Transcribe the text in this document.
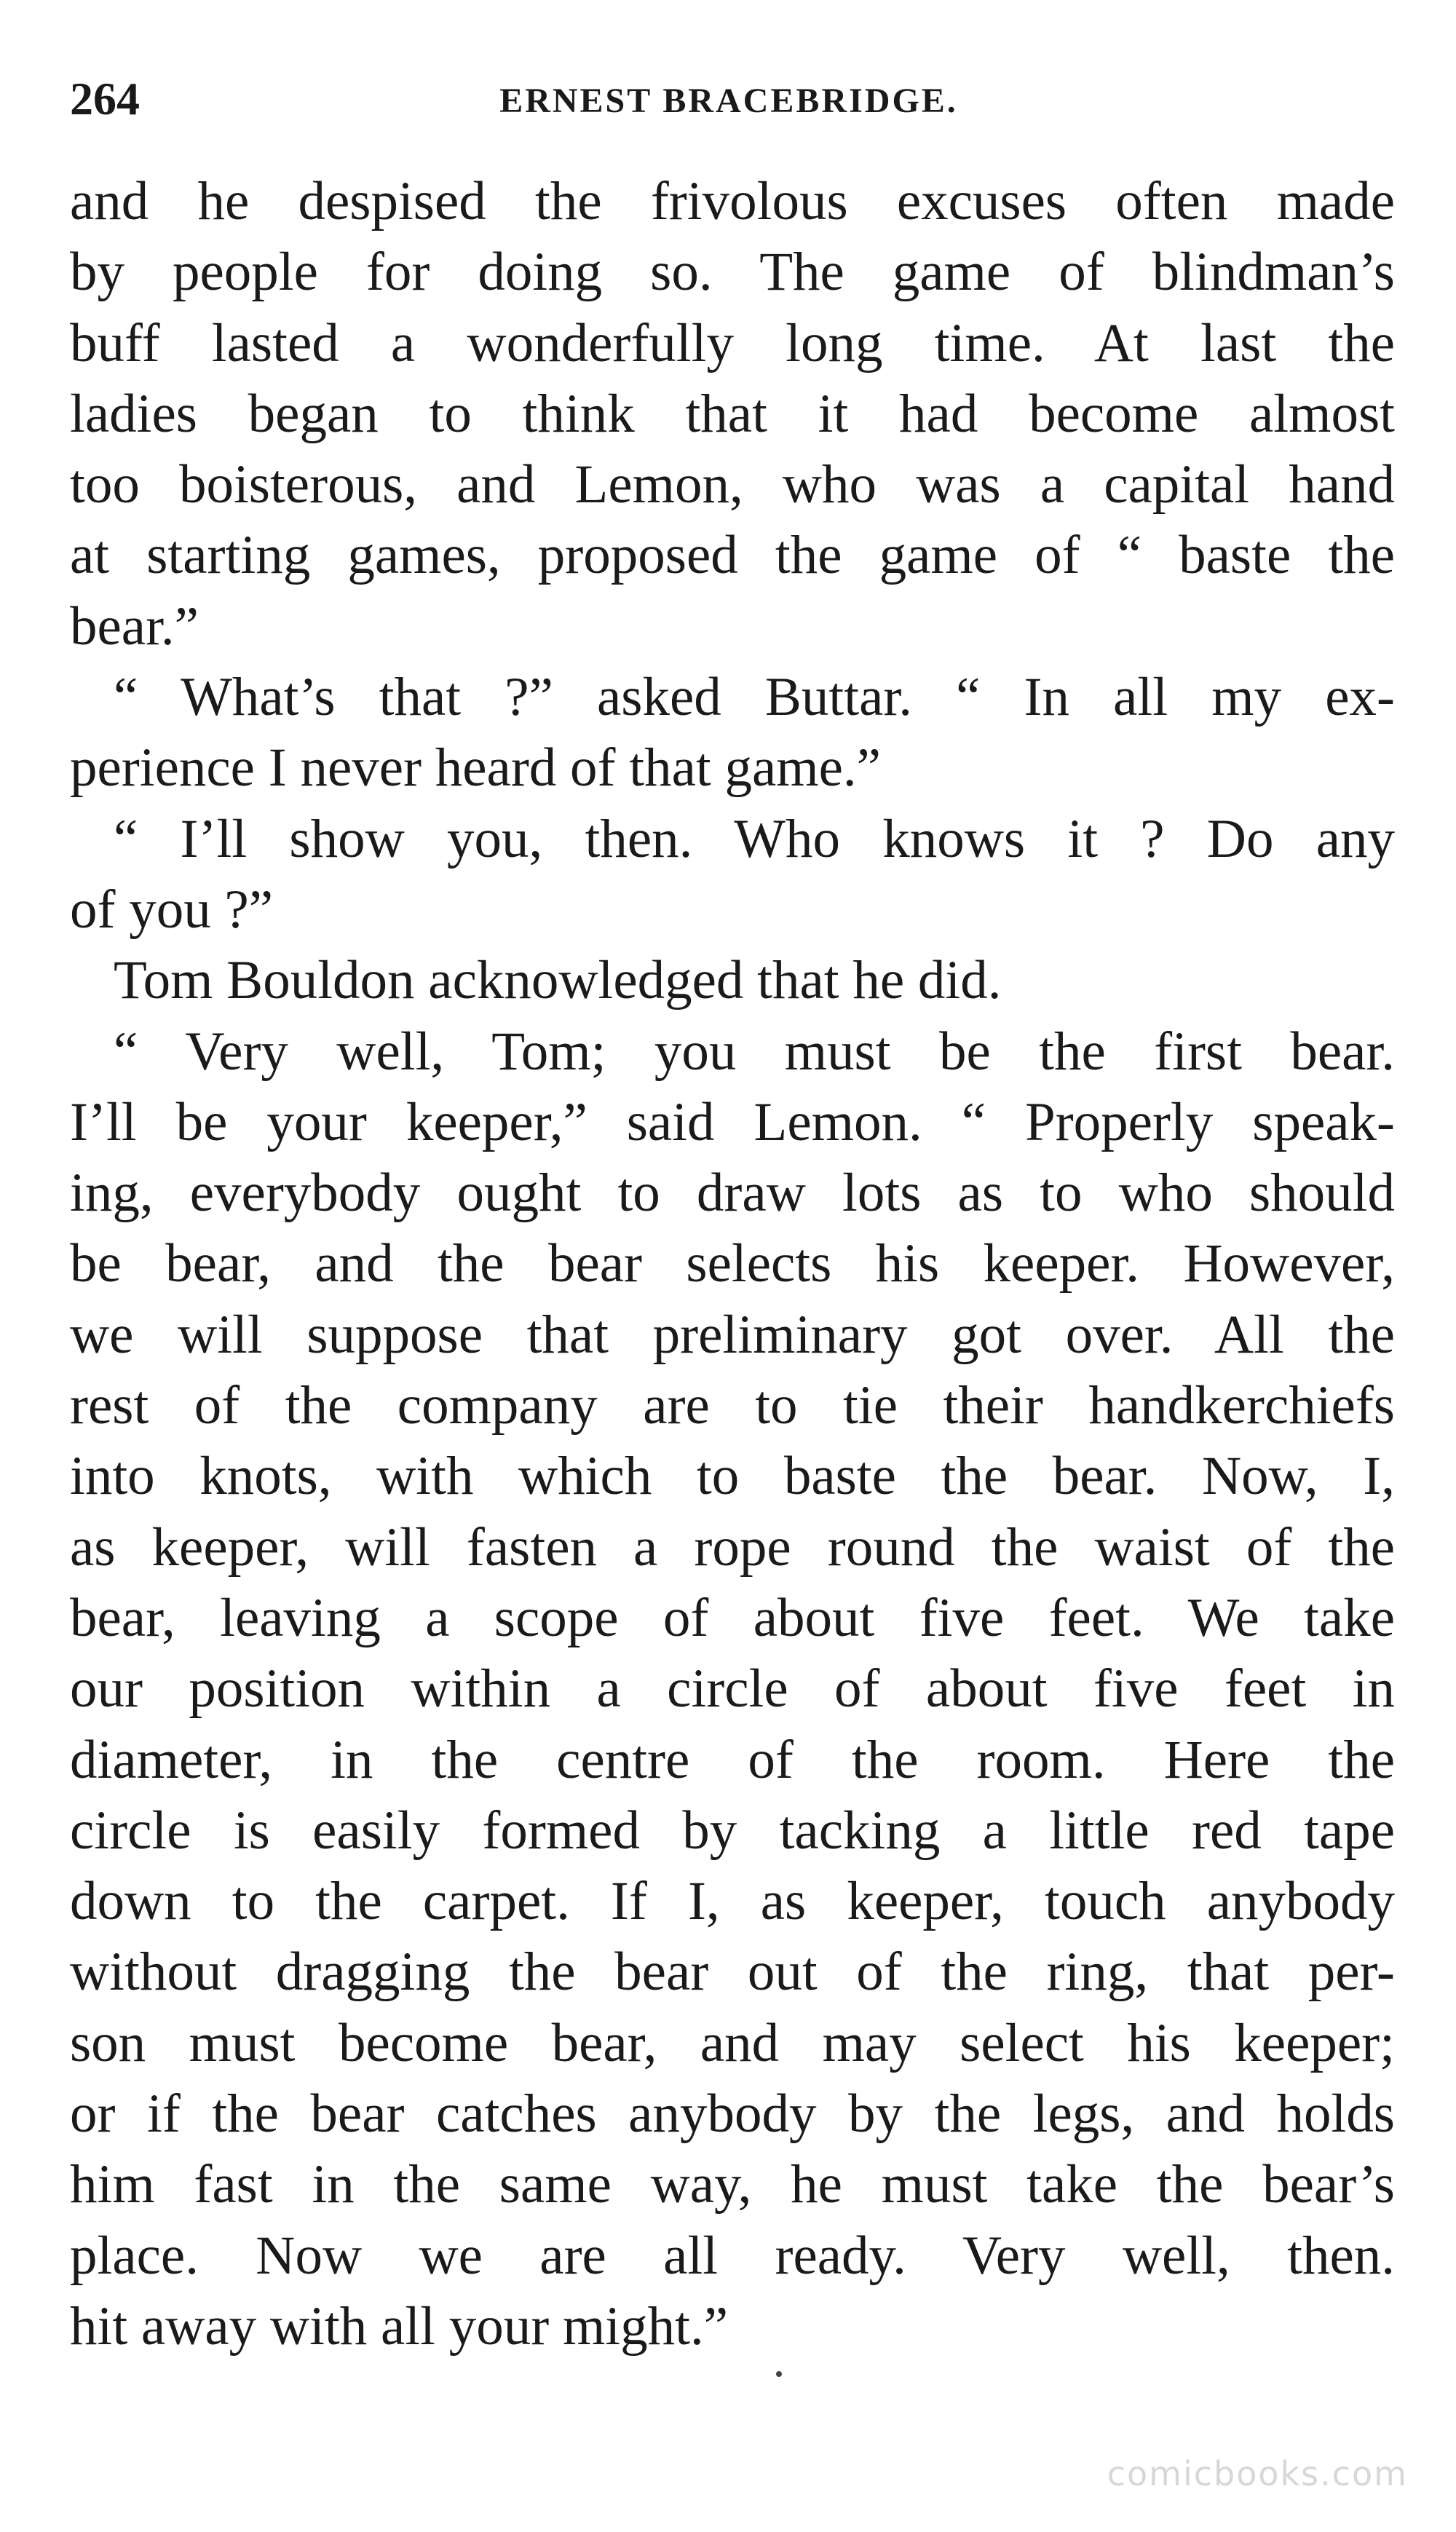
264	ERNEST BRACEBRIDGE.
and he despised the frivolous excuses often made
by people for doing so. The game of blindman’s
buff lasted a wonderfully long time. At last the
ladies began to think that it had become almost
too boisterous, and Lemon, who was a capital hand
at starting games, proposed the game of “ baste the
bear.”
“ What’s that ?” asked Buttar. “ In all my ex-
perience I never heard of that game.”
“ I’ll show you, then. Who knows it ? Do any
of you ?”
Tom Bouldon acknowledged that he did.
“ Very well, Tom; you must be the first bear.
I’ll be your keeper,” said Lemon. “ Properly speak-
ing, everybody ought to draw lots as to who should
be bear, and the bear selects his keeper. However,
we will suppose that preliminary got over. All the
rest of the company are to tie their handkerchiefs
into knots, with which to baste the bear. Now, I,
as keeper, will fasten a rope round the waist of the
bear, leaving a scope of about five feet. We take
our position within a circle of about five feet in
diameter, in the centre of the room. Here the
circle is easily formed by tacking a little red tape
down to the carpet. If I, as keeper, touch anybody
without dragging the bear out of the ring, that per-
son must become bear, and may select his keeper;
or if the bear catches anybody by the legs, and holds
him fast in the same way, he must take the bear’s
place. Now we are all ready. Very well, then.
hit away with all your might.”
comicbooks.com
